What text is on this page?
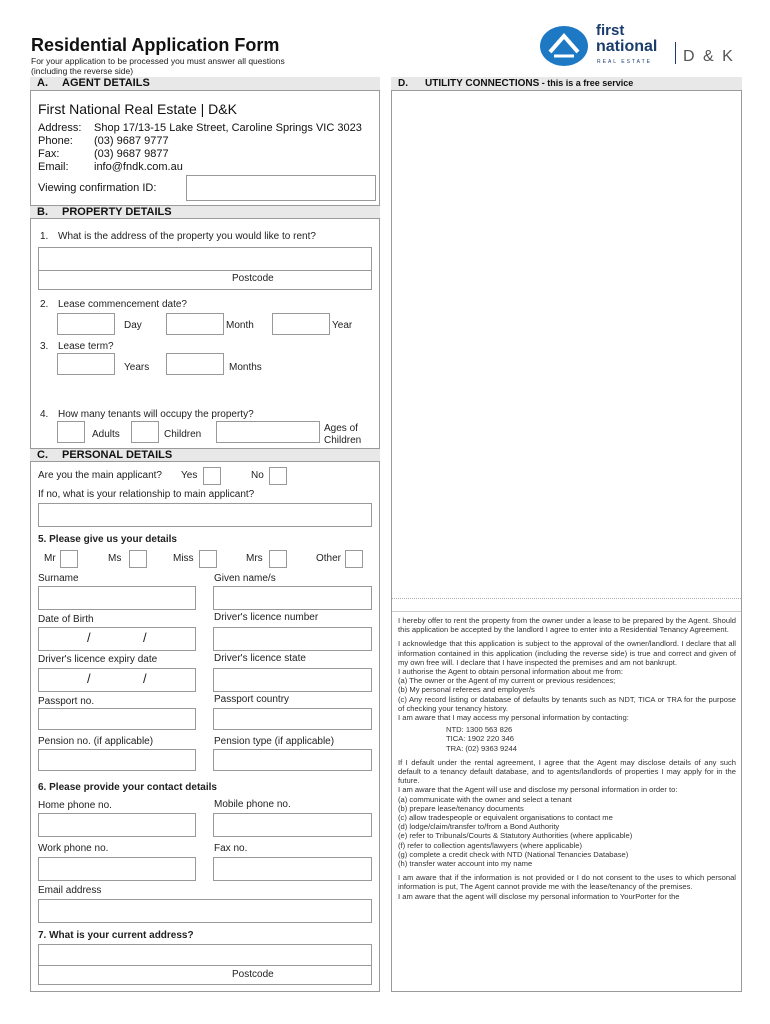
Residential Application Form
For your application to be processed you must answer all questions
(including the reverse side)
first
national
REAL ESTATE D & K
A. AGENT DETAILS
First National Real Estate | D&K
Address: Shop 17/13-15 Lake Street, Caroline Springs VIC 3023
Phone: (03) 9687 9777
Fax:	(03) 9687 9877
Email: info@fndk.com.au
Viewing confirmation ID:
B. PROPERTY DETAILS
1. What is the address of the property you would like to rent?
Postcode
2. Lease commencement date?
Day	Month	Year
3. Lease term?
Years	Months
4. How many tenants will occupy the property?
Adults	Children
Ages of
Children
C. PERSONAL DETAILS
Are you the main applicant? Yes	No
If no, what is your relationship to main applicant?
5. Please give us your details
Mr	Ms	Miss	Mrs	Other
Surname	Given name/s
Date of Birth	Driver's licence number
/	/
Driver's licence expiry date	Driver's licence state
/	/
Passport no.	Passport country
Pension no. (if applicable)	Pension type (if applicable)
6. Please provide your contact details
Home phone no.	Mobile phone no.
Work phone no.	Fax no.
Email address
7. What is your current address?
Postcode
D. UTILITY CONNECTIONS - this is a free service
I hereby offer to rent the property from the owner under a lease to be prepared by the Agent. Should this application be accepted by the landlord I agree to enter into a Residential Tenancy Agreement.
I acknowledge that this application is subject to the approval of the owner/landlord. I declare that all information contained in this application (including the reverse side) is true and correct and given of my own free will. I declare that I have inspected the premises and am not bankrupt.
I authorise the Agent to obtain personal information about me from:
(a) The owner or the Agent of my current or previous residences;
(b) My personal referees and employer/s
(c) Any record listing or database of defaults by tenants such as NDT, TICA or TRA for the purpose of checking your tenancy history.
I am aware that I may access my personal information by contacting:
NTD: 1300 563 826
TICA: 1902 220 346
TRA: (02) 9363 9244
If I default under the rental agreement, I agree that the Agent may disclose details of any such default to a tenancy default database, and to agents/landlords of properties I may apply for in the future.
I am aware that the Agent will use and disclose my personal information in order to:
(a) communicate with the owner and select a tenant
(b) prepare lease/tenancy documents
(c) allow tradespeople or equivalent organisations to contact me
(d) lodge/claim/transfer to/from a Bond Authority
(e) refer to Tribunals/Courts & Statutory Authorities (where applicable)
(f) refer to collection agents/lawyers (where applicable)
(g) complete a credit check with NTD (National Tenancies Database)
(h) transfer water account into my name
I am aware that if the information is not provided or I do not consent to the uses to which personal information is put, The Agent cannot provide me with the lease/tenancy of the premises.
I am aware that the agent will disclose my personal information to YourPorter for the
